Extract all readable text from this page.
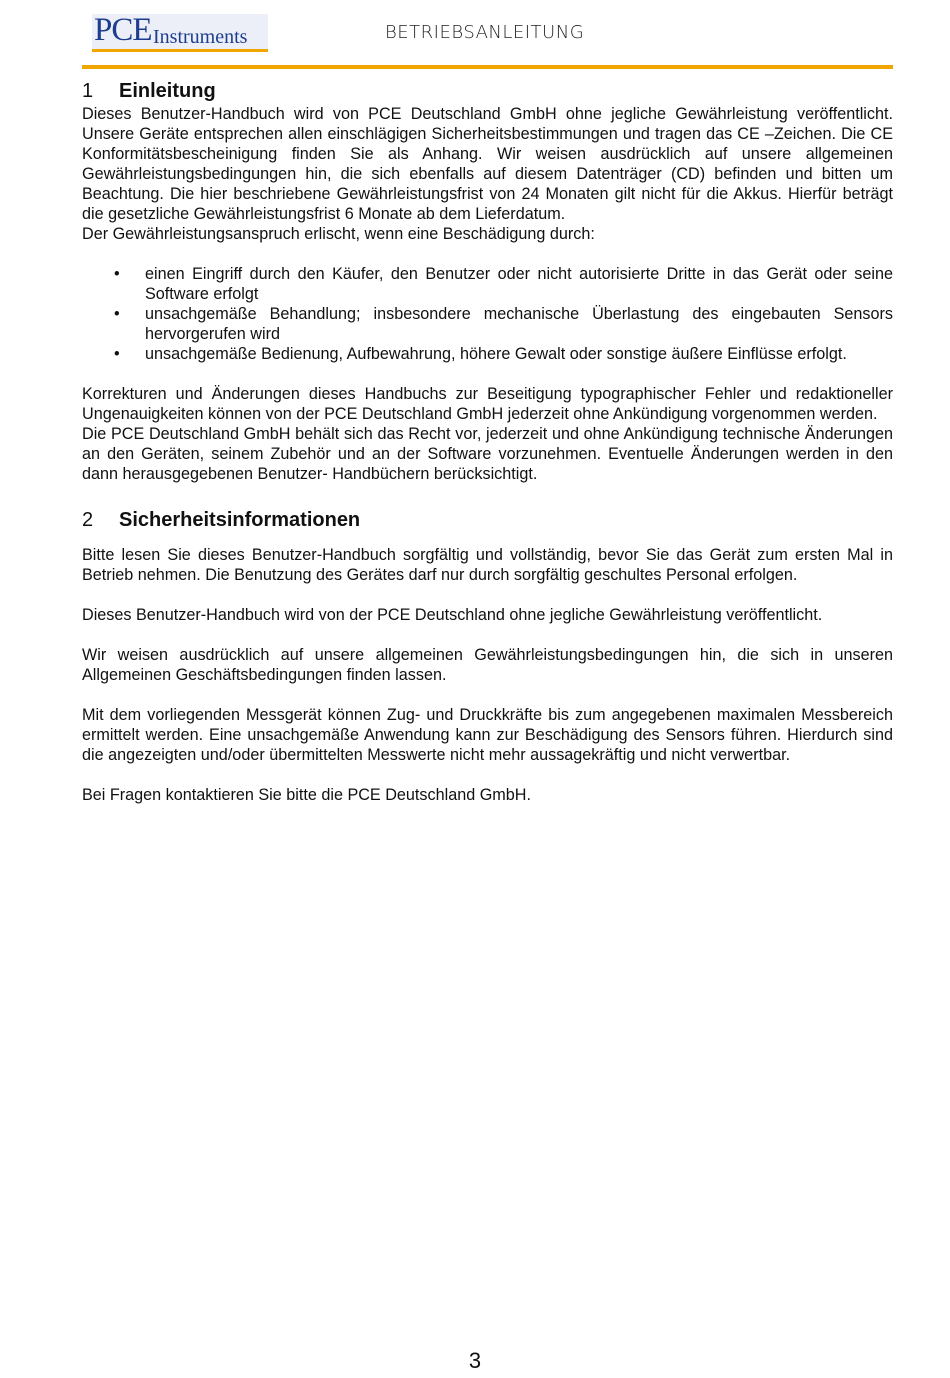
PCE Instruments	BETRIEBSANLEITUNG
1 Einleitung

Dieses Benutzer-Handbuch wird von PCE Deutschland GmbH ohne jegliche Gewährleistung veröffentlicht. Unsere Geräte entsprechen allen einschlägigen Sicherheitsbestimmungen und tragen das CE –Zeichen. Die CE Konformitätsbescheinigung finden Sie als Anhang. Wir weisen ausdrücklich auf unsere allgemeinen Gewährleistungsbedingungen hin, die sich ebenfalls auf diesem Datenträger (CD) befinden und bitten um Beachtung. Die hier beschriebene Gewährleistungsfrist von 24 Monaten gilt nicht für die Akkus. Hierfür beträgt die gesetzliche Gewährleistungsfrist 6 Monate ab dem Lieferdatum.

Der Gewährleistungsanspruch erlischt, wenn eine Beschädigung durch:

• einen Eingriff durch den Käufer, den Benutzer oder nicht autorisierte Dritte in das Gerät oder seine Software erfolgt
• unsachgemäße Behandlung; insbesondere mechanische Überlastung des eingebauten Sensors hervorgerufen wird
• unsachgemäße Bedienung, Aufbewahrung, höhere Gewalt oder sonstige äußere Einflüsse erfolgt.

Korrekturen und Änderungen dieses Handbuchs zur Beseitigung typographischer Fehler und redaktioneller Ungenauigkeiten können von der PCE Deutschland GmbH jederzeit ohne Ankündigung vorgenommen werden.

Die PCE Deutschland GmbH behält sich das Recht vor, jederzeit und ohne Ankündigung technische Änderungen an den Geräten, seinem Zubehör und an der Software vorzunehmen. Eventuelle Änderungen werden in den dann herausgegebenen Benutzer- Handbüchern berücksichtigt.

2 Sicherheitsinformationen

Bitte lesen Sie dieses Benutzer-Handbuch sorgfältig und vollständig, bevor Sie das Gerät zum ersten Mal in Betrieb nehmen. Die Benutzung des Gerätes darf nur durch sorgfältig geschultes Personal erfolgen.

Dieses Benutzer-Handbuch wird von der PCE Deutschland ohne jegliche Gewährleistung veröffentlicht.

Wir weisen ausdrücklich auf unsere allgemeinen Gewährleistungsbedingungen hin, die sich in unseren Allgemeinen Geschäftsbedingungen finden lassen.

Mit dem vorliegenden Messgerät können Zug- und Druckkräfte bis zum angegebenen maximalen Messbereich ermittelt werden. Eine unsachgemäße Anwendung kann zur Beschädigung des Sensors führen. Hierdurch sind die angezeigten und/oder übermittelten Messwerte nicht mehr aussagekräftig und nicht verwertbar.

Bei Fragen kontaktieren Sie bitte die PCE Deutschland GmbH.

3
